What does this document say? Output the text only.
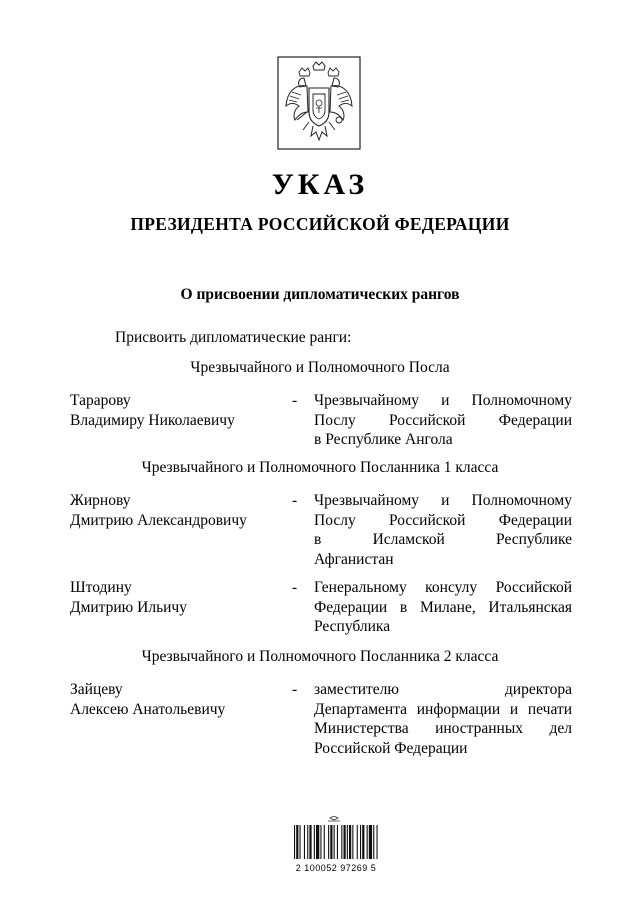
УКАЗ
ПРЕЗИДЕНТА РОССИЙСКОЙ ФЕДЕРАЦИИ
О присвоении дипломатических рангов
Присвоить дипломатические ранги:
Чрезвычайного и Полномочного Посла
Тарарову
Владимиру Николаевичу
- Чрезвычайному и Полномочному
Послу Российской Федерации
в Республике Ангола
Чрезвычайного и Полномочного Посланника 1 класса
Жирнову
Дмитрию Александровичу
- Чрезвычайному и Полномочному
Послу Российской Федерации
в Исламской Республике
Афганистан
Штодину
Дмитрию Ильичу
- Генеральному консулу Российской
Федерации в Милане, Итальянская
Республика
Чрезвычайного и Полномочного Посланника 2 класса
Зайцеву
Алексею Анатольевичу
- заместителю директора
Департамента информации и печати
Министерства иностранных дел
Российской Федерации
2 100052 97269 5
